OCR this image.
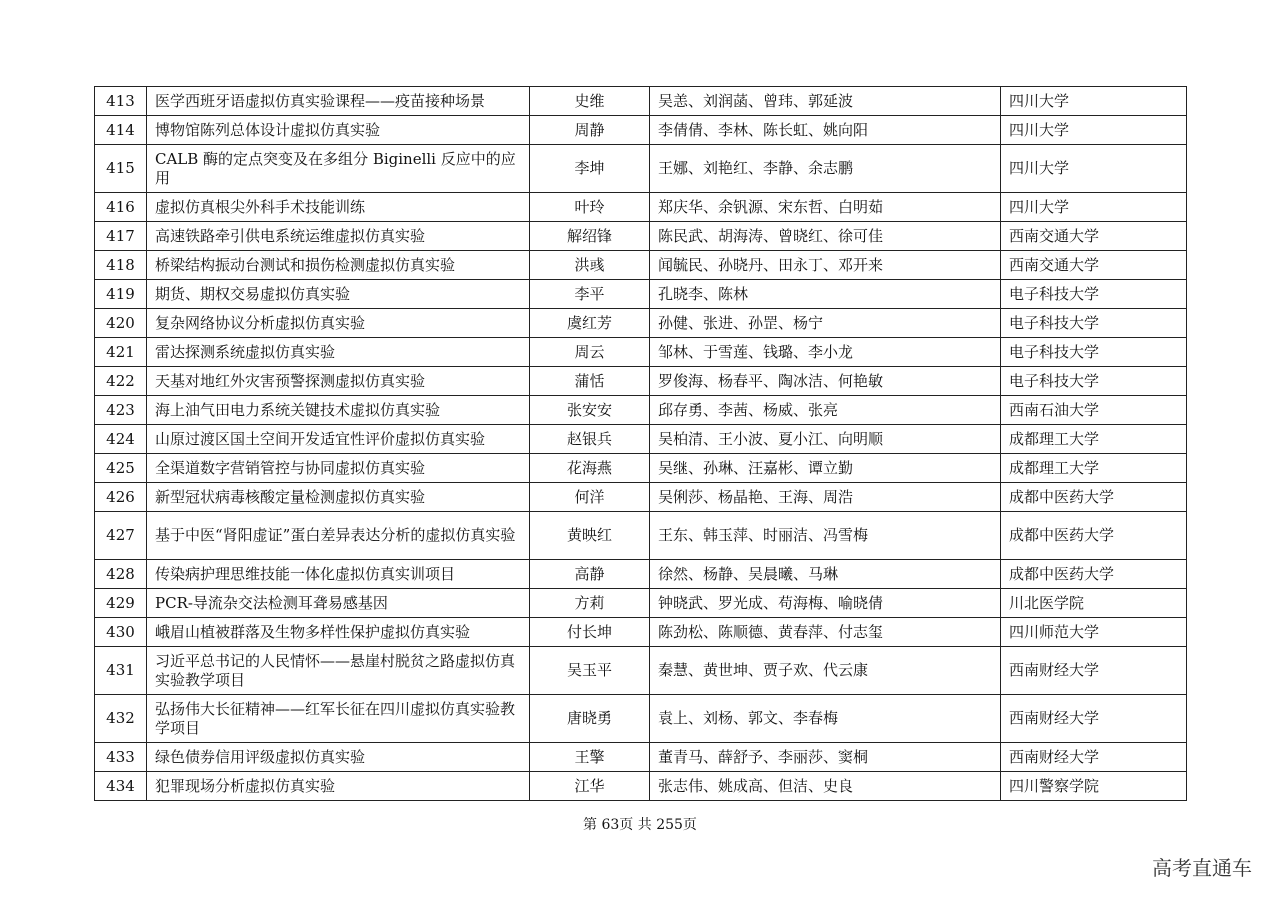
413	医学西班牙语虚拟仿真实验课程——疫苗接种场景	史维	吴恙、刘润菡、曾玮、郭延波	四川大学
414	博物馆陈列总体设计虚拟仿真实验	周静	李倩倩、李林、陈长虹、姚向阳	四川大学
415	CALB 酶的定点突变及在多组分 Biginelli 反应中的应用	李坤	王娜、刘艳红、李静、余志鹏	四川大学
416	虚拟仿真根尖外科手术技能训练	叶玲	郑庆华、余钒源、宋东哲、白明茹	四川大学
417	高速铁路牵引供电系统运维虚拟仿真实验	解绍锋	陈民武、胡海涛、曾晓红、徐可佳	西南交通大学
418	桥梁结构振动台测试和损伤检测虚拟仿真实验	洪彧	闻毓民、孙晓丹、田永丁、邓开来	西南交通大学
419	期货、期权交易虚拟仿真实验	李平	孔晓李、陈林	电子科技大学
420	复杂网络协议分析虚拟仿真实验	虞红芳	孙健、张进、孙罡、杨宁	电子科技大学
421	雷达探测系统虚拟仿真实验	周云	邹林、于雪莲、钱璐、李小龙	电子科技大学
422	天基对地红外灾害预警探测虚拟仿真实验	蒲恬	罗俊海、杨春平、陶冰洁、何艳敏	电子科技大学
423	海上油气田电力系统关键技术虚拟仿真实验	张安安	邱存勇、李茜、杨威、张亮	西南石油大学
424	山原过渡区国土空间开发适宜性评价虚拟仿真实验	赵银兵	吴柏清、王小波、夏小江、向明顺	成都理工大学
425	全渠道数字营销管控与协同虚拟仿真实验	花海燕	吴继、孙琳、汪嘉彬、谭立勤	成都理工大学
426	新型冠状病毒核酸定量检测虚拟仿真实验	何洋	吴俐莎、杨晶艳、王海、周浩	成都中医药大学
427	基于中医“肾阳虚证”蛋白差异表达分析的虚拟仿真实验	黄映红	王东、韩玉萍、时丽洁、冯雪梅	成都中医药大学
428	传染病护理思维技能一体化虚拟仿真实训项目	高静	徐然、杨静、吴晨曦、马琳	成都中医药大学
429	PCR-导流杂交法检测耳聋易感基因	方莉	钟晓武、罗光成、苟海梅、喻晓倩	川北医学院
430	峨眉山植被群落及生物多样性保护虚拟仿真实验	付长坤	陈劲松、陈顺德、黄春萍、付志玺	四川师范大学
431	习近平总书记的人民情怀——悬崖村脱贫之路虚拟仿真实验教学项目	吴玉平	秦慧、黄世坤、贾子欢、代云康	西南财经大学
432	弘扬伟大长征精神——红军长征在四川虚拟仿真实验教学项目	唐晓勇	袁上、刘杨、郭文、李春梅	西南财经大学
433	绿色债券信用评级虚拟仿真实验	王擎	董青马、薛舒予、李丽莎、窦桐	西南财经大学
434	犯罪现场分析虚拟仿真实验	江华	张志伟、姚成高、但洁、史良	四川警察学院
第 63页 共 255页
高考直通车
